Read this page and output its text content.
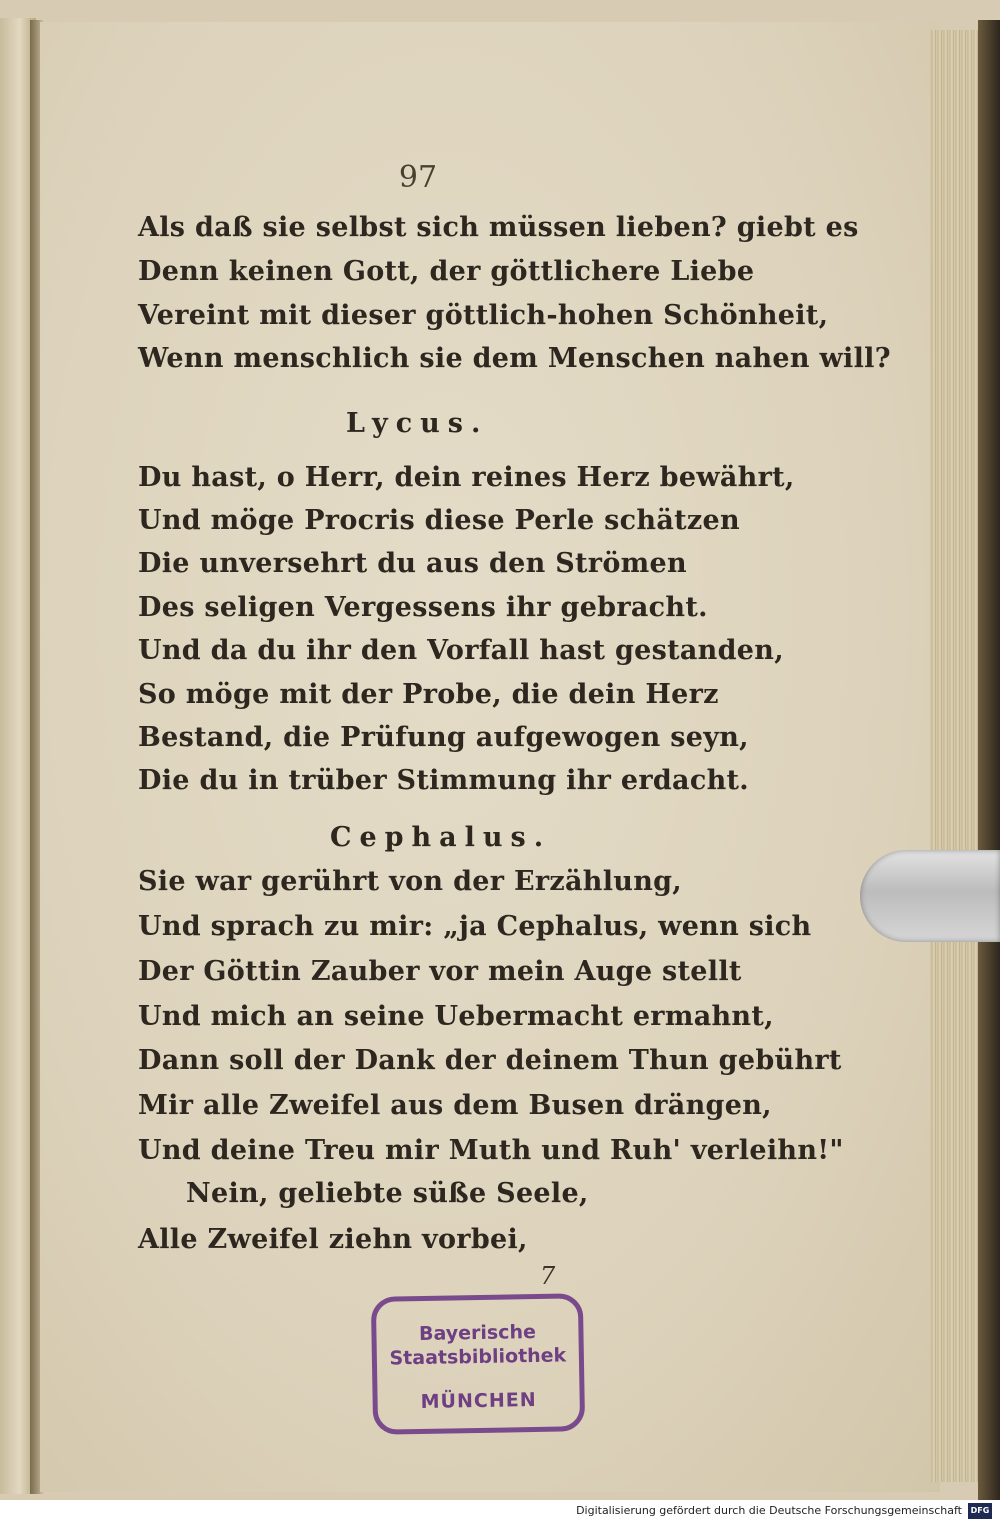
97
Als daß sie selbst sich müssen lieben? giebt es
Denn keinen Gott, der göttlichere Liebe
Vereint mit dieser göttlich-hohen Schönheit,
Wenn menschlich sie dem Menschen nahen will?
Lycus.
Du hast, o Herr, dein reines Herz bewährt,
Und möge Procris diese Perle schätzen
Die unversehrt du aus den Strömen
Des seligen Vergessens ihr gebracht.
Und da du ihr den Vorfall hast gestanden,
So möge mit der Probe, die dein Herz
Bestand, die Prüfung aufgewogen seyn,
Die du in trüber Stimmung ihr erdacht.
Cephalus.
Sie war gerührt von der Erzählung,
Und sprach zu mir: „ja Cephalus, wenn sich
Der Göttin Zauber vor mein Auge stellt
Und mich an seine Uebermacht ermahnt,
Dann soll der Dank der deinem Thun gebührt
Mir alle Zweifel aus dem Busen drängen,
Und deine Treu mir Muth und Ruh' verleihn!"
Nein, geliebte süße Seele,
Alle Zweifel ziehn vorbei,
7
Bayerische
Staatsbibliothek
MÜNCHEN
Digitalisierung gefördert durch die Deutsche Forschungsgemeinschaft	DFG
